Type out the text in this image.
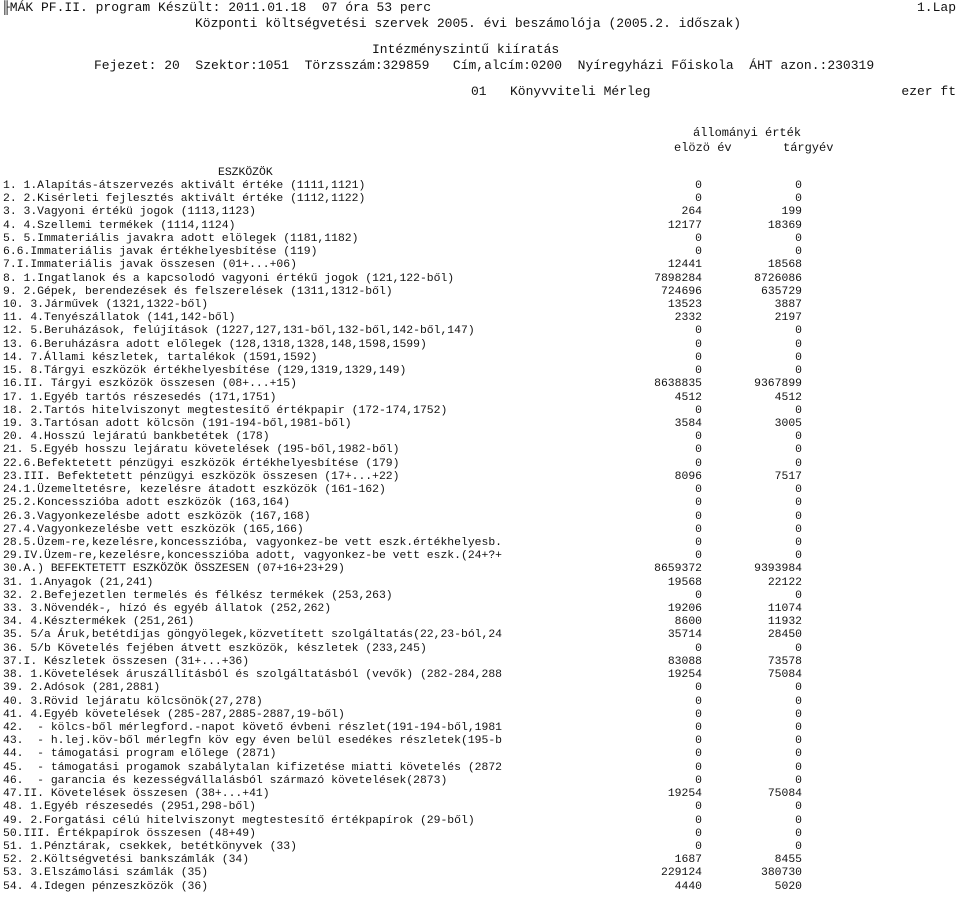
╟MÁK PF.II. program Készült: 2011.01.18  07 óra 53 perc	1.Lap
Központi költségvetési szervek 2005. évi beszámolója (2005.2. időszak)
Intézményszintű kiíratás
Fejezet: 20  Szektor:1051  Törzsszám:329859   Cím,alcím:0200  Nyíregyházi Főiskola  ÁHT azon.:230319
01   Könyvviteli Mérleg	ezer ft
állományi érték
elözö év	tárgyév
ESZKÖZÖK
1. 1.Alapítás-átszervezés aktivált értéke (1111,1121)	0	0
2. 2.Kisérleti fejlesztés aktivált értéke (1112,1122)	0	0
3. 3.Vagyoni értékü jogok (1113,1123)	264	199
4. 4.Szellemi termékek (1114,1124)	12177	18369
5. 5.Immateriális javakra adott elölegek (1181,1182)	0	0
6.6.Immateriális javak értékhelyesbítése (119)	0	0
7.I.Immateriális javak összesen (01+...+06)	12441	18568
8. 1.Ingatlanok és a kapcsolodó vagyoni értékű jogok (121,122-ből)	7898284	8726086
9. 2.Gépek, berendezések és felszerelések (1311,1312-ből)	724696	635729
10. 3.Járművek (1321,1322-ből)	13523	3887
11. 4.Tenyészállatok (141,142-ből)	2332	2197
12. 5.Beruházások, felújítások (1227,127,131-ből,132-ből,142-ből,147)	0	0
13. 6.Beruházásra adott előlegek (128,1318,1328,148,1598,1599)	0	0
14. 7.Állami készletek, tartalékok (1591,1592)	0	0
15. 8.Tárgyi eszközök értékhelyesbítése (129,1319,1329,149)	0	0
16.II. Tárgyi eszközök összesen (08+...+15)	8638835	9367899
17. 1.Egyéb tartós részesedés (171,1751)	4512	4512
18. 2.Tartós hitelviszonyt megtestesítő értékpapir (172-174,1752)	0	0
19. 3.Tartósan adott kölcsön (191-194-ből,1981-ből)	3584	3005
20. 4.Hosszú lejáratú bankbetétek (178)	0	0
21. 5.Egyéb hosszu lejáratu követelések (195-ből,1982-ből)	0	0
22.6.Befektetett pénzügyi eszközök értékhelyesbítése (179)	0	0
23.III. Befektetett pénzügyi eszközök összesen (17+...+22)	8096	7517
24.1.Üzemeltetésre, kezelésre átadott eszközök (161-162)	0	0
25.2.Koncesszióba adott eszközök (163,164)	0	0
26.3.Vagyonkezelésbe adott eszközök (167,168)	0	0
27.4.Vagyonkezelésbe vett eszközök (165,166)	0	0
28.5.Üzem-re,kezelésre,koncesszióba, vagyonkez-be vett eszk.értékhelyesb.	0	0
29.IV.Üzem-re,kezelésre,koncesszióba adott, vagyonkez-be vett eszk.(24+?+	0	0
30.A.) BEFEKTETETT ESZKÖZÖK ÖSSZESEN (07+16+23+29)	8659372	9393984
31. 1.Anyagok (21,241)	19568	22122
32. 2.Befejezetlen termelés és félkész termékek (253,263)	0	0
33. 3.Növendék-, hízó és egyéb állatok (252,262)	19206	11074
34. 4.Késztermékek (251,261)	8600	11932
35. 5/a Áruk,betétdíjas göngyölegek,közvetített szolgáltatás(22,23-ból,24	35714	28450
36. 5/b Követelés fejében átvett eszközök, készletek (233,245)	0	0
37.I. Készletek összesen (31+...+36)	83088	73578
38. 1.Követelések áruszállításból és szolgáltatásból (vevők) (282-284,288	19254	75084
39. 2.Adósok (281,2881)	0	0
40. 3.Rövid lejáratu kölcsönök(27,278)	0	0
41. 4.Egyéb követelések (285-287,2885-2887,19-ből)	0	0
42.  - kölcs-ből mérlegford.-napot követő évbeni részlet(191-194-ből,1981	0	0
43.  - h.lej.köv-ből mérlegfn köv egy éven belül esedékes részletek(195-b	0	0
44.  - támogatási program előlege (2871)	0	0
45.  - támogatási progamok szabálytalan kifizetése miatti követelés (2872	0	0
46.  - garancia és kezességvállalásból származó követelések(2873)	0	0
47.II. Követelések összesen (38+...+41)	19254	75084
48. 1.Egyéb részesedés (2951,298-ből)	0	0
49. 2.Forgatási célú hitelviszonyt megtestesítő értékpapírok (29-ből)	0	0
50.III. Értékpapírok összesen (48+49)	0	0
51. 1.Pénztárak, csekkek, betétkönyvek (33)	0	0
52. 2.Költségvetési bankszámlák (34)	1687	8455
53. 3.Elszámolási számlák (35)	229124	380730
54. 4.Idegen pénzeszközök (36)	4440	5020
